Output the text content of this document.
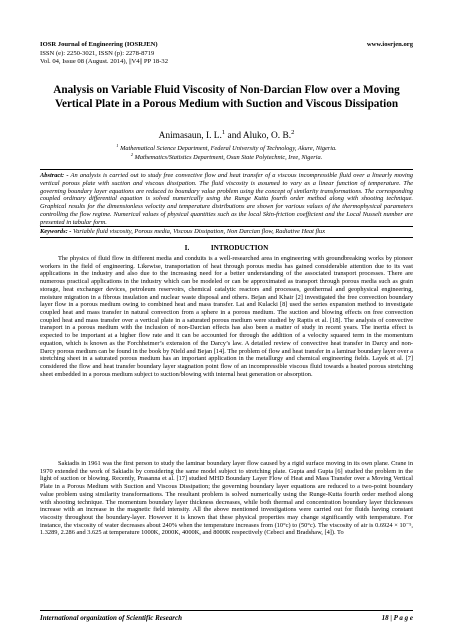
IOSR Journal of Engineering (IOSRJEN)
ISSN (e): 2250-3021, ISSN (p): 2278-8719
Vol. 04, Issue 08 (August. 2014), ||V4|| PP 18-32
www.iosrjen.org
Analysis on Variable Fluid Viscosity of Non-Darcian Flow over a Moving Vertical Plate in a Porous Medium with Suction and Viscous Dissipation
Animasaun, I. L.$^1$ and Aluko, O. B.$^2$
$^1$ Mathematical Science Department, Federal University of Technology, Akure, Nigeria.
$^2$ Mathematics/Statistics Department, Osun State Polytechnic, Iree, Nigeria.
Abstract: - An analysis is carried out to study free convective flow and heat transfer of a viscous incompressible fluid over a linearly moving vertical porous plate with suction and viscous dissipation. The fluid viscosity is assumed to vary as a linear function of temperature. The governing boundary layer equations are reduced to boundary value problem using the concept of similarity transformations. The corresponding coupled ordinary differential equation is solved numerically using the Runge Kutta fourth order method along with shooting technique. Graphical results for the dimensionless velocity and temperature distributions are shown for various values of the thermophysical parameters controlling the flow regime. Numerical values of physical quantities such as the local Skin-friction coefficient and the Local Nusselt number are presented in tabular form.
Keywords: - Variable fluid viscosity, Porous media, Viscous Dissipation, Non Darcian flow, Radiative Heat flux
I.	INTRODUCTION

The physics of fluid flow in different media and conduits is a well-researched area in engineering with groundbreaking works by pioneer workers in the field of engineering. Likewise, transportation of heat through porous media has gained considerable attention due to its vast applications in the industry and also due to the increasing need for a better understanding of the associated transport processes. There are numerous practical applications in the industry which can be modeled or can be approximated as transport through porous media such as grain storage, heat exchanger devices, petroleum reservoirs, chemical catalytic reactors and processes, geothermal and geophysical engineering, moisture migration in a fibrous insulation and nuclear waste disposal and others. Bejan and Khair [2] investigated the free convection boundary layer flow in a porous medium owing to combined heat and mass transfer. Lai and Kulacki [8] used the series expansion method to investigate coupled heat and mass transfer in natural convection from a sphere in a porous medium. The suction and blowing effects on free convection coupled heat and mass transfer over a vertical plate in a saturated porous medium were studied by Raptis et al. [18]. The analysis of convective transport in a porous medium with the inclusion of non-Darcian effects has also been a matter of study in recent years. The inertia effect is expected to be important at a higher flow rate and it can be accounted for through the addition of a velocity squared term in the momentum equation, which is known as the Forchheimer’s extension of the Darcy’s law. A detailed review of convective heat transfer in Darcy and non-Darcy porous medium can be found in the book by Nield and Bejan [14]. The problem of flow and heat transfer in a laminar boundary layer over a stretching sheet in a saturated porous medium has an important application in the metallurgy and chemical engineering fields. Layek et al. [7] considered the flow and heat transfer boundary layer stagnation point flow of an incompressible viscous fluid towards a heated porous stretching sheet embedded in a porous medium subject to suction/blowing with internal heat generation or absorption.

Sakiadis in 1961 was the first person to study the laminar boundary layer flow caused by a rigid surface moving in its own plane. Crane in 1970 extended the work of Sakiadis by considering the same model subject to stretching plate. Gupta and Gupta [6] studied the problem in the light of suction or blowing. Recently, Prasanna et al. [17] studied MHD Boundary Layer Flow of Heat and Mass Transfer over a Moving Vertical Plate in a Porous Medium with Suction and Viscous Dissipation; the governing boundary layer equations are reduced to a two-point boundary value problem using similarity transformations. The resultant problem is solved numerically using the Runge-Kutta fourth order method along with shooting technique. The momentum boundary layer thickness decreases, while both thermal and concentration boundary layer thicknesses increase with an increase in the magnetic field intensity. All the above mentioned investigations were carried out for fluids having constant viscosity throughout the boundary-layer. However it is known that these physical properties may change significantly with temperature. For instance, the viscosity of water decreases about 240% when the temperature increases from (10°c) to (50°c). The viscosity of air is 0.6924 × 10⁻⁵, 1.3289, 2.286 and 3.625 at temperature 1000K, 2000K, 4000K, and 8000K respectively (Cebeci and Bradshaw, [4]). To

International organization of Scientific Research	18 | P a g e
